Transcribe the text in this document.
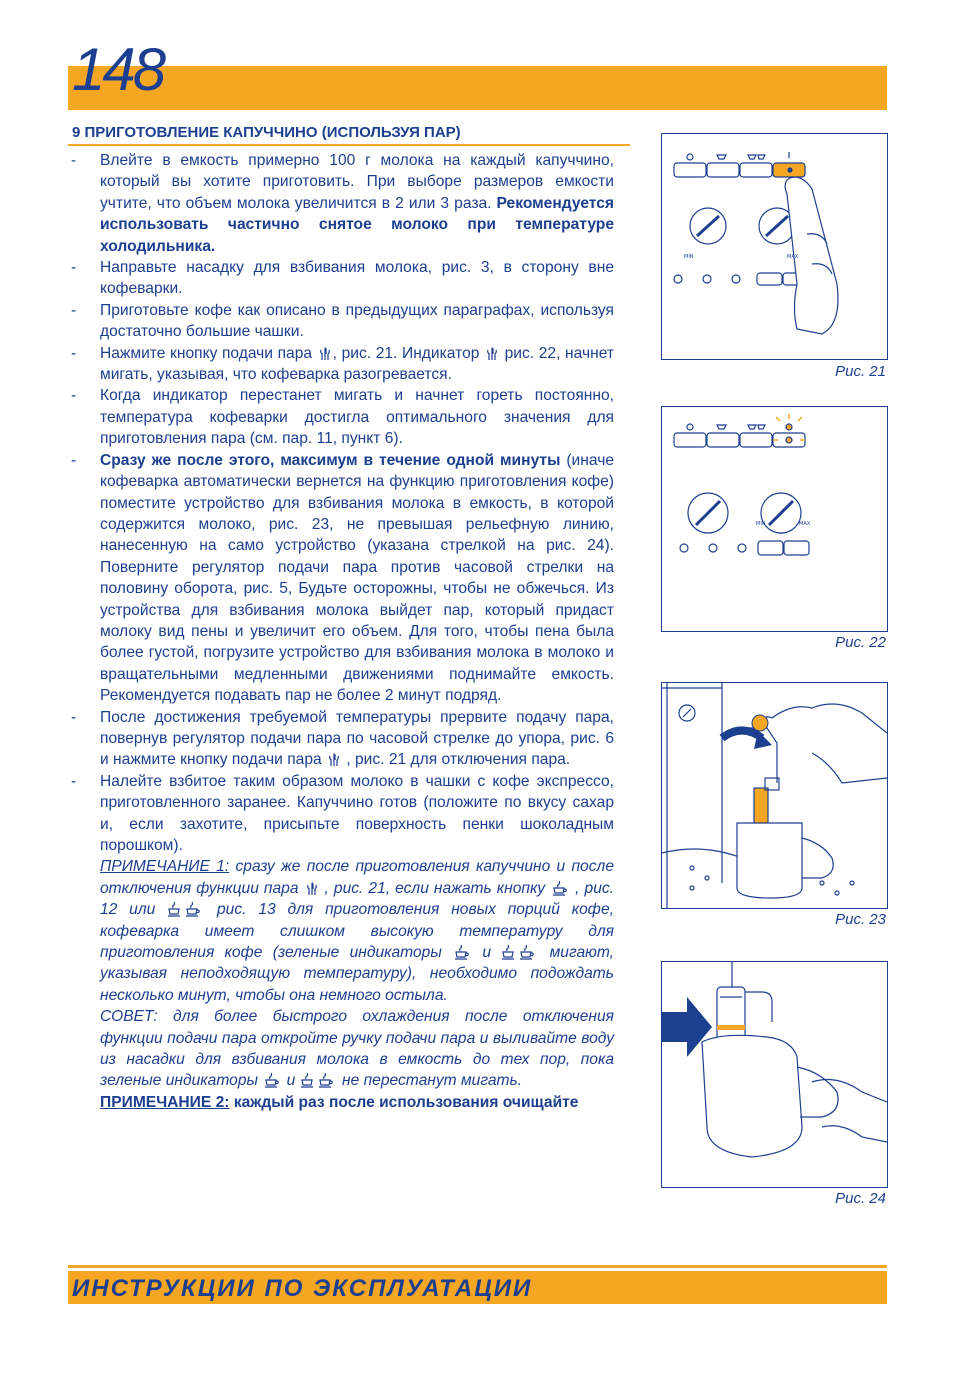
148
9 ПРИГОТОВЛЕНИЕ КАПУЧЧИНО (ИСПОЛЬЗУЯ ПАР)
- Влейте в емкость примерно 100 г молока на каждый капуччино, который вы хотите приготовить. При выборе размеров емкости учтите, что объем молока увеличится в 2 или 3 раза. Рекомендуется использовать частично снятое молоко при температуре холодильника.
- Направьте насадку для взбивания молока, рис. 3, в сторону вне кофеварки.
- Приготовьте кофе как описано в предыдущих параграфах, используя достаточно большие чашки.
- Нажмите кнопку подачи пара , рис. 21. Индикатор  рис. 22, начнет мигать, указывая, что кофеварка разогревается.
- Когда индикатор перестанет мигать и начнет гореть постоянно, температура кофеварки достигла оптимального значения для приготовления пара (см. пар. 11, пункт 6).
- Сразу же после этого, максимум в течение одной минуты (иначе кофеварка автоматически вернется на функцию приготовления кофе) поместите устройство для взбивания молока в емкость, в которой содержится молоко, рис. 23, не превышая рельефную линию, нанесенную на само устройство (указана стрелкой на рис. 24). Поверните регулятор подачи пара против часовой стрелки на половину оборота, рис. 5, Будьте осторожны, чтобы не обжечься. Из устройства для взбивания молока выйдет пар, который придаст молоку вид пены и увеличит его объем. Для того, чтобы пена была более густой, погрузите устройство для взбивания молока в молоко и вращательными медленными движениями поднимайте емкость. Рекомендуется подавать пар не более 2 минут подряд.
- После достижения требуемой температуры прервите подачу пара, повернув регулятор подачи пара по часовой стрелке до упора, рис. 6 и нажмите кнопку подачи пара  , рис. 21 для отключения пара.
- Налейте взбитое таким образом молоко в чашки с кофе экспрессо, приготовленного заранее. Капуччино готов (положите по вкусу сахар и, если захотите, присыпьте поверхность пенки шоколадным порошком).
ПРИМЕЧАНИЕ 1: сразу же после приготовления капуччино и после отключения функции пара  , рис. 21, если нажать кнопку  , рис. 12 или  рис. 13 для приготовления новых порций кофе, кофеварка имеет слишком высокую температуру для приготовления кофе (зеленые индикаторы  и  мигают, указывая неподходящую температуру), необходимо подождать несколько минут, чтобы она немного остыла.
СОВЕТ: для более быстрого охлаждения после отключения функции подачи пара откройте ручку подачи пара и выливайте воду из насадки для взбивания молока в емкость до тех пор, пока зеленые индикаторы  и  не перестанут мигать.
ПРИМЕЧАНИЕ 2: каждый раз после использования очищайте
MIN	MAX
Рис. 21
MIN	MAX
Рис. 22
Рис. 23
Рис. 24
ИНСТРУКЦИИ ПО ЭКСПЛУАТАЦИИ
